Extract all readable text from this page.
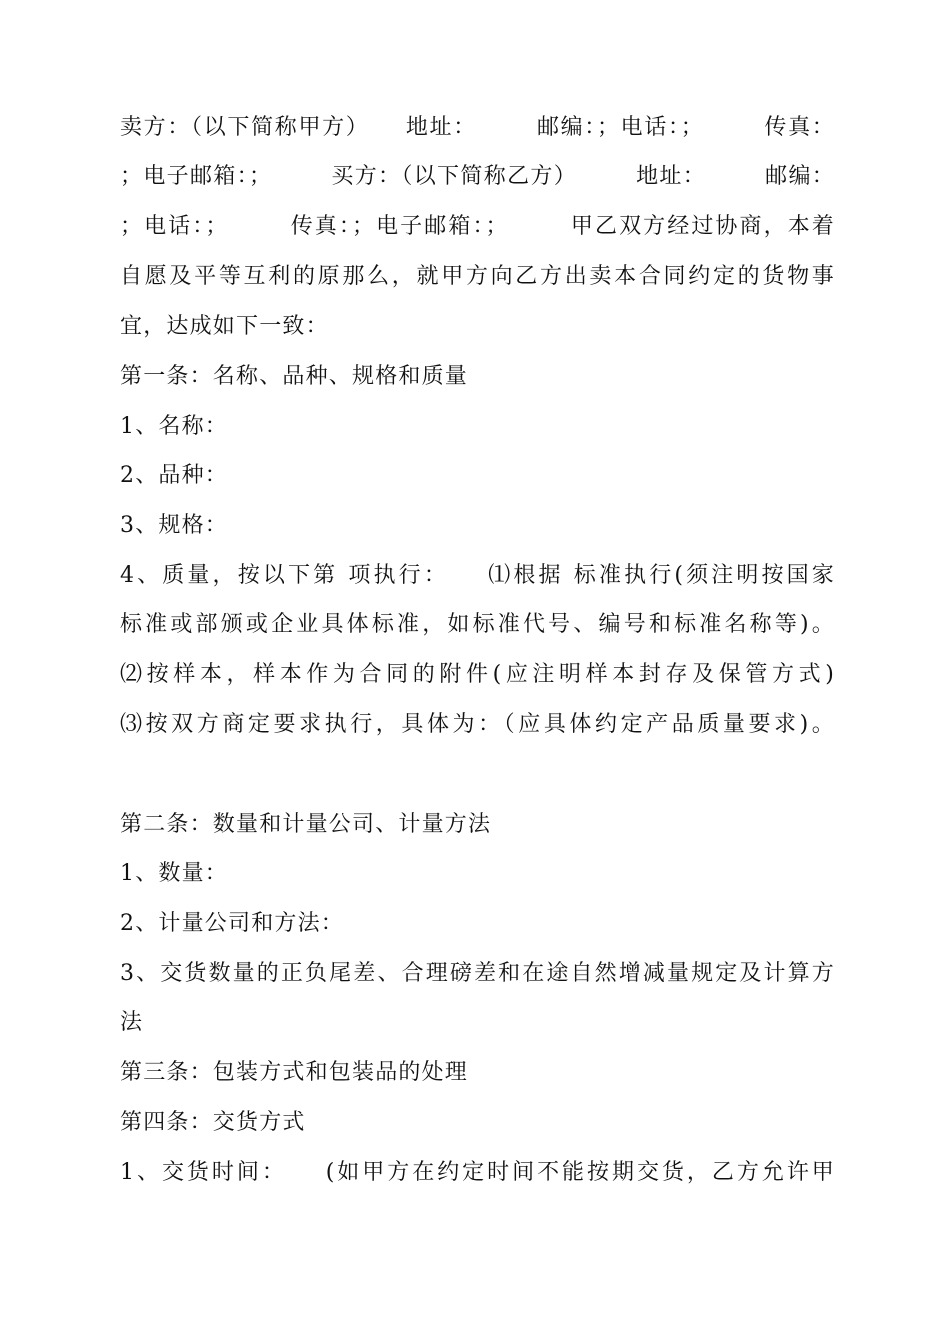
卖方：（以下简称甲方）　　地址：　　　邮编：；电话：；　　　传真：
；电子邮箱：；　　　买方：（以下简称乙方）　　　地址：　　　邮编：
；电话：；　　　传真：；电子邮箱：；　　　甲乙双方经过协商，本着
自愿及平等互利的原那么，就甲方向乙方出卖本合同约定的货物事
宜，达成如下一致：
第一条：名称、品种、规格和质量
1、名称：
2、品种：
3、规格：
4、质量，按以下第 项执行：　　⑴根据 标准执行(须注明按国家
标准或部颁或企业具体标准，如标准代号、编号和标准名称等)。
⑵按样本，样本作为合同的附件(应注明样本封存及保管方式)
⑶按双方商定要求执行，具体为：（应具体约定产品质量要求)。
第二条：数量和计量公司、计量方法
1、数量：
2、计量公司和方法：
3、交货数量的正负尾差、合理磅差和在途自然增减量规定及计算方
法
第三条：包装方式和包装品的处理
第四条：交货方式
1、交货时间：　　(如甲方在约定时间不能按期交货，乙方允许甲
